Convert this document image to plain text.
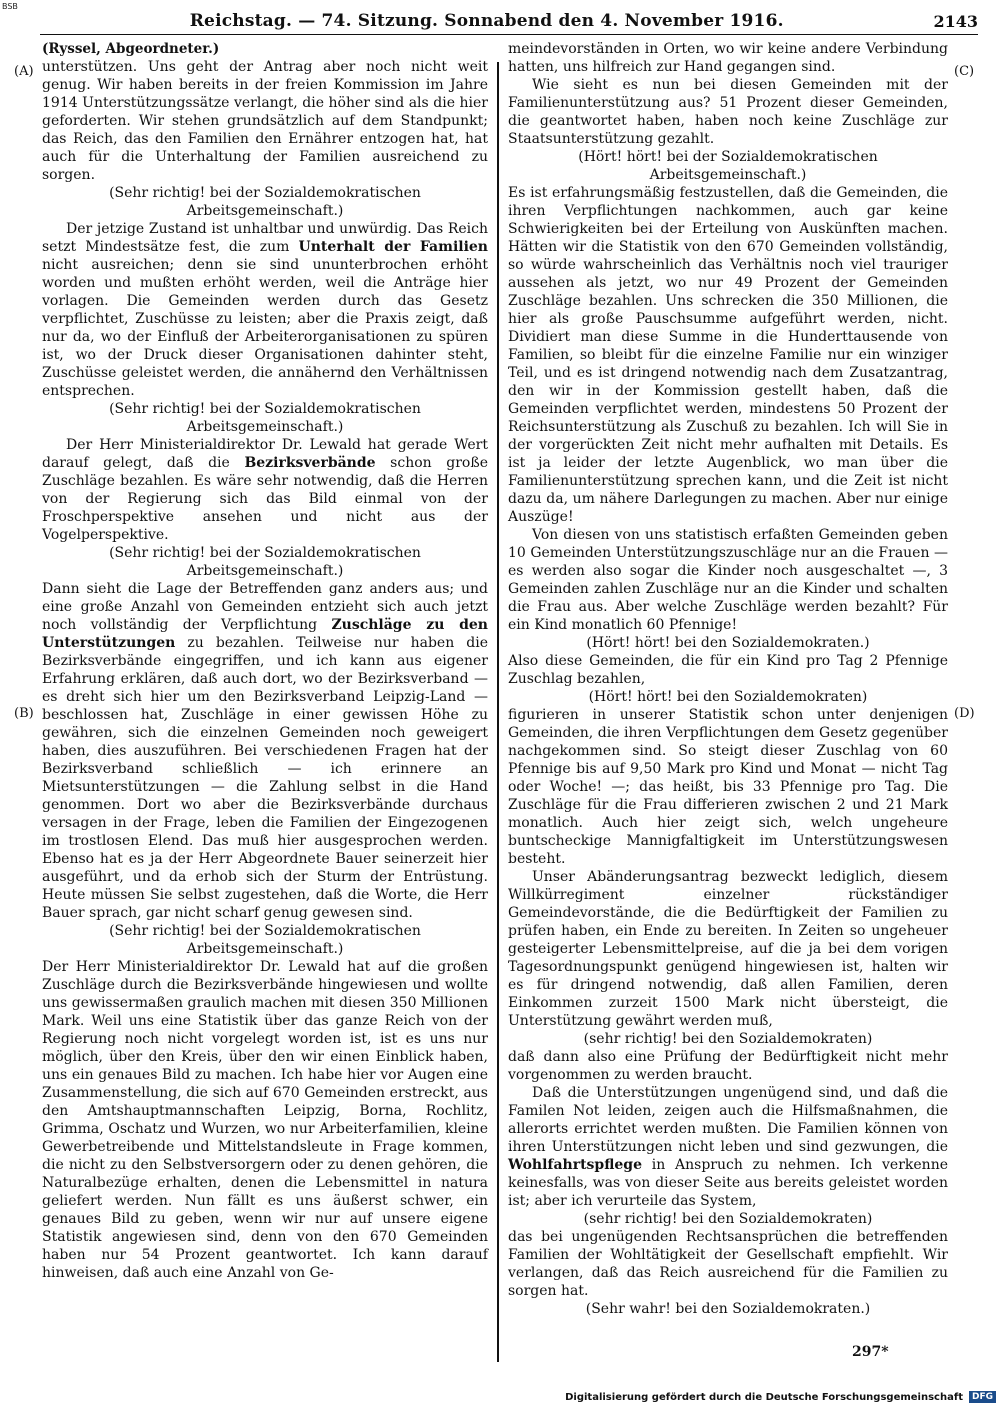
BSB
Reichstag. — 74. Sitzung. Sonnabend den 4. November 1916.	2143
(A)
(B)
(C)
(D)

(Ryssel, Abgeordneter.)

unterstützen. Uns geht der Antrag aber noch nicht weit genug. Wir haben bereits in der freien Kommission im Jahre 1914 Unterstützungssätze verlangt, die höher sind als die hier geforderten. Wir stehen grundsätzlich auf dem Standpunkt; das Reich, das den Familien den Ernährer entzogen hat, hat auch für die Unterhaltung der Familien ausreichend zu sorgen.

(Sehr richtig! bei der Sozialdemokratischen Arbeitsgemeinschaft.)

Der jetzige Zustand ist unhaltbar und unwürdig. Das Reich setzt Mindestsätze fest, die zum Unterhalt der Familien nicht ausreichen; denn sie sind ununterbrochen erhöht worden und mußten erhöht werden, weil die Anträge hier vorlagen. Die Gemeinden werden durch das Gesetz verpflichtet, Zuschüsse zu leisten; aber die Praxis zeigt, daß nur da, wo der Einfluß der Arbeiterorganisationen zu spüren ist, wo der Druck dieser Organisationen dahinter steht, Zuschüsse geleistet werden, die annähernd den Verhältnissen entsprechen.

(Sehr richtig! bei der Sozialdemokratischen Arbeitsgemeinschaft.)

Der Herr Ministerialdirektor Dr. Lewald hat gerade Wert darauf gelegt, daß die Bezirksverbände schon große Zuschläge bezahlen. Es wäre sehr notwendig, daß die Herren von der Regierung sich das Bild einmal von der Froschperspektive ansehen und nicht aus der Vogelperspektive.

(Sehr richtig! bei der Sozialdemokratischen Arbeitsgemeinschaft.)

Dann sieht die Lage der Betreffenden ganz anders aus; und eine große Anzahl von Gemeinden entzieht sich auch jetzt noch vollständig der Verpflichtung Zuschläge zu den Unterstützungen zu bezahlen. Teilweise nur haben die Bezirksverbände eingegriffen, und ich kann aus eigener Erfahrung erklären, daß auch dort, wo der Bezirksverband — es dreht sich hier um den Bezirksverband Leipzig-Land — beschlossen hat, Zuschläge in einer gewissen Höhe zu gewähren, sich die einzelnen Gemeinden noch geweigert haben, dies auszuführen. Bei verschiedenen Fragen hat der Bezirksverband schließlich — ich erinnere an Mietsunterstützungen — die Zahlung selbst in die Hand genommen. Dort wo aber die Bezirksverbände durchaus versagen in der Frage, leben die Familien der Eingezogenen im trostlosen Elend. Das muß hier ausgesprochen werden. Ebenso hat es ja der Herr Abgeordnete Bauer seinerzeit hier ausgeführt, und da erhob sich der Sturm der Entrüstung. Heute müssen Sie selbst zugestehen, daß die Worte, die Herr Bauer sprach, gar nicht scharf genug gewesen sind.

(Sehr richtig! bei der Sozialdemokratischen Arbeitsgemeinschaft.)

Der Herr Ministerialdirektor Dr. Lewald hat auf die großen Zuschläge durch die Bezirksverbände hingewiesen und wollte uns gewissermaßen graulich machen mit diesen 350 Millionen Mark. Weil uns eine Statistik über das ganze Reich von der Regierung noch nicht vorgelegt worden ist, ist es uns nur möglich, über den Kreis, über den wir einen Einblick haben, uns ein genaues Bild zu machen. Ich habe hier vor Augen eine Zusammenstellung, die sich auf 670 Gemeinden erstreckt, aus den Amtshauptmannschaften Leipzig, Borna, Rochlitz, Grimma, Oschatz und Wurzen, wo nur Arbeiterfamilien, kleine Gewerbetreibende und Mittelstandsleute in Frage kommen, die nicht zu den Selbstversorgern oder zu denen gehören, die Naturalbezüge erhalten, denen die Lebensmittel in natura geliefert werden. Nun fällt es uns äußerst schwer, ein genaues Bild zu geben, wenn wir nur auf unsere eigene Statistik angewiesen sind, denn von den 670 Gemeinden haben nur 54 Prozent geantwortet. Ich kann darauf hinweisen, daß auch eine Anzahl von Ge-

meindevorständen in Orten, wo wir keine andere Verbindung hatten, uns hilfreich zur Hand gegangen sind.

Wie sieht es nun bei diesen Gemeinden mit der Familienunterstützung aus? 51 Prozent dieser Gemeinden, die geantwortet haben, haben noch keine Zuschläge zur Staatsunterstützung gezahlt.

(Hört! hört! bei der Sozialdemokratischen Arbeitsgemeinschaft.)

Es ist erfahrungsmäßig festzustellen, daß die Gemeinden, die ihren Verpflichtungen nachkommen, auch gar keine Schwierigkeiten bei der Erteilung von Auskünften machen. Hätten wir die Statistik von den 670 Gemeinden vollständig, so würde wahrscheinlich das Verhältnis noch viel trauriger aussehen als jetzt, wo nur 49 Prozent der Gemeinden Zuschläge bezahlen. Uns schrecken die 350 Millionen, die hier als große Pauschsumme aufgeführt werden, nicht. Dividiert man diese Summe in die Hunderttausende von Familien, so bleibt für die einzelne Familie nur ein winziger Teil, und es ist dringend notwendig nach dem Zusatzantrag, den wir in der Kommission gestellt haben, daß die Gemeinden verpflichtet werden, mindestens 50 Prozent der Reichsunterstützung als Zuschuß zu bezahlen. Ich will Sie in der vorgerückten Zeit nicht mehr aufhalten mit Details. Es ist ja leider der letzte Augenblick, wo man über die Familienunterstützung sprechen kann, und die Zeit ist nicht dazu da, um nähere Darlegungen zu machen. Aber nur einige Auszüge!

Von diesen von uns statistisch erfaßten Gemeinden geben 10 Gemeinden Unterstützungszuschläge nur an die Frauen — es werden also sogar die Kinder noch ausgeschaltet —, 3 Gemeinden zahlen Zuschläge nur an die Kinder und schalten die Frau aus. Aber welche Zuschläge werden bezahlt? Für ein Kind monatlich 60 Pfennige!

(Hört! hört! bei den Sozialdemokraten.)

Also diese Gemeinden, die für ein Kind pro Tag 2 Pfennige Zuschlag bezahlen,

(Hört! hört! bei den Sozialdemokraten)

figurieren in unserer Statistik schon unter denjenigen Gemeinden, die ihren Verpflichtungen dem Gesetz gegenüber nachgekommen sind. So steigt dieser Zuschlag von 60 Pfennige bis auf 9,50 Mark pro Kind und Monat — nicht Tag oder Woche! —; das heißt, bis 33 Pfennige pro Tag. Die Zuschläge für die Frau differieren zwischen 2 und 21 Mark monatlich. Auch hier zeigt sich, welch ungeheure buntscheckige Mannigfaltigkeit im Unterstützungswesen besteht.

Unser Abänderungsantrag bezweckt lediglich, diesem Willkürregiment einzelner rückständiger Gemeindevorstände, die die Bedürftigkeit der Familien zu prüfen haben, ein Ende zu bereiten. In Zeiten so ungeheuer gesteigerter Lebensmittelpreise, auf die ja bei dem vorigen Tagesordnungspunkt genügend hingewiesen ist, halten wir es für dringend notwendig, daß allen Familien, deren Einkommen zurzeit 1500 Mark nicht übersteigt, die Unterstützung gewährt werden muß,

(sehr richtig! bei den Sozialdemokraten)

daß dann also eine Prüfung der Bedürftigkeit nicht mehr vorgenommen zu werden braucht.

Daß die Unterstützungen ungenügend sind, und daß die Familen Not leiden, zeigen auch die Hilfsmaßnahmen, die allerorts errichtet werden mußten. Die Familien können von ihren Unterstützungen nicht leben und sind gezwungen, die Wohlfahrtspflege in Anspruch zu nehmen. Ich verkenne keinesfalls, was von dieser Seite aus bereits geleistet worden ist; aber ich verurteile das System,

(sehr richtig! bei den Sozialdemokraten)

das bei ungenügenden Rechtsansprüchen die betreffenden Familien der Wohltätigkeit der Gesellschaft empfiehlt. Wir verlangen, daß das Reich ausreichend für die Familien zu sorgen hat.

(Sehr wahr! bei den Sozialdemokraten.)

297*
Digitalisierung gefördert durch die Deutsche Forschungsgemeinschaft	DFG
